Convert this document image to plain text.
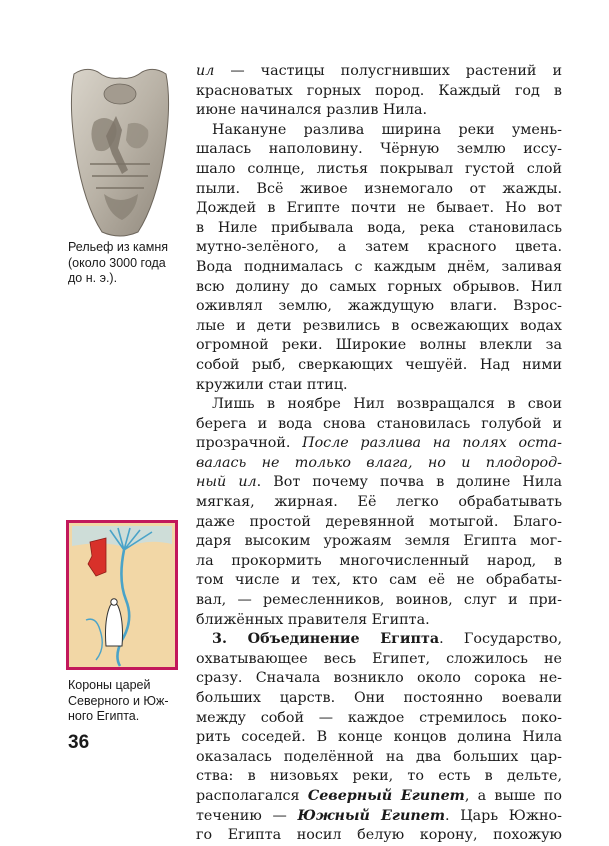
Рельеф из камня
(около 3000 года
до н. э.).
Короны царей
Северного и Юж-
ного Египта.
36
ил — частицы полусгнивших растений и
красноватых горных пород. Каждый год в
июне начинался разлив Нила.
Накануне разлива ширина реки умень-
шалась наполовину. Чёрную землю иссу-
шало солнце, листья покрывал густой слой
пыли. Всё живое изнемогало от жажды.
Дождей в Египте почти не бывает. Но вот
в Ниле прибывала вода, река становилась
мутно-зелёного, а затем красного цвета.
Вода поднималась с каждым днём, заливая
всю долину до самых горных обрывов. Нил
оживлял землю, жаждущую влаги. Взрос-
лые и дети резвились в освежающих водах
огромной реки. Широкие волны влекли за
собой рыб, сверкающих чешуёй. Над ними
кружили стаи птиц.
Лишь в ноябре Нил возвращался в свои
берега и вода снова становилась голубой и
прозрачной. После разлива на полях оста-
валась не только влага, но и плодород-
ный ил. Вот почему почва в долине Нила
мягкая, жирная. Её легко обрабатывать
даже простой деревянной мотыгой. Благо-
даря высоким урожаям земля Египта мог-
ла прокормить многочисленный народ, в
том числе и тех, кто сам её не обрабаты-
вал, — ремесленников, воинов, слуг и при-
ближённых правителя Египта.
3. Объединение Египта. Государство,
охватывающее весь Египет, сложилось не
сразу. Сначала возникло около сорока не-
больших царств. Они постоянно воевали
между собой — каждое стремилось поко-
рить соседей. В конце концов долина Нила
оказалась поделённой на два больших цар-
ства: в низовьях реки, то есть в дельте,
располагался Северный Египет, а выше по
течению — Южный Египет. Царь Южно-
го Египта носил белую корону, похожую
